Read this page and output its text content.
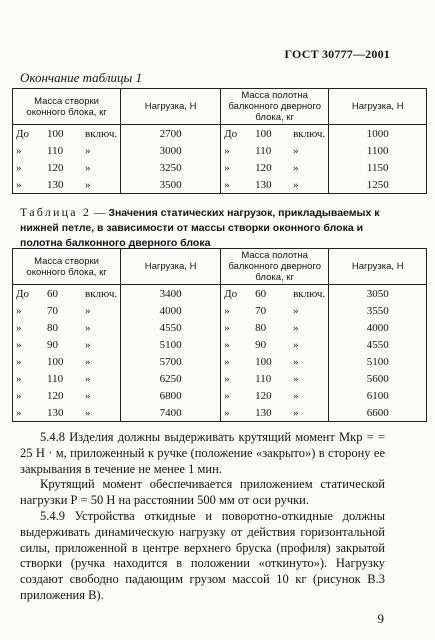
ГОСТ 30777—2001
Окончание таблицы 1
Масса створки оконного блока, кг	Нагрузка, Н	Масса полотна балконного дверного блока, кг	Нагрузка, Н
До 100 включ.	2700	До 100 включ.	1000
» 110 »	3000	» 110 »	1100
» 120 »	3250	» 120 »	1150
» 130 »	3500	» 130 »	1250
Таблица 2 — Значения статических нагрузок, прикладываемых к нижней петле, в зависимости от массы створки оконного блока и полотна балконного дверного блока
Масса створки оконного блока, кг	Нагрузка, Н	Масса полотна балконного дверного блока, кг	Нагрузка, Н
До 60 включ.	3400	До 60 включ.	3050
» 70 »	4000	» 70 »	3550
» 80 »	4550	» 80 »	4000
» 90 »	5100	» 90 »	4550
» 100 »	5700	» 100 »	5100
» 110 »	6250	» 110 »	5600
» 120 »	6800	» 120 »	6100
» 130 »	7400	» 130 »	6600

5.4.8 Изделия должны выдерживать крутящий момент Мкр = = 25 Н · м, приложенный к ручке (положение «закрыто») в сторону ее закрывания в течение не менее 1 мин.

Крутящий момент обеспечивается приложением статической нагрузки Р = 50 Н на расстоянии 500 мм от оси ручки.

5.4.9 Устройства откидные и поворотно-откидные должны выдерживать динамическую нагрузку от действия горизонтальной силы, приложенной в центре верхнего бруска (профиля) закрытой створки (ручка находится в положении «откинуто»). Нагрузку создают свободно падающим грузом массой 10 кг (рисунок В.3 приложения В).

9
